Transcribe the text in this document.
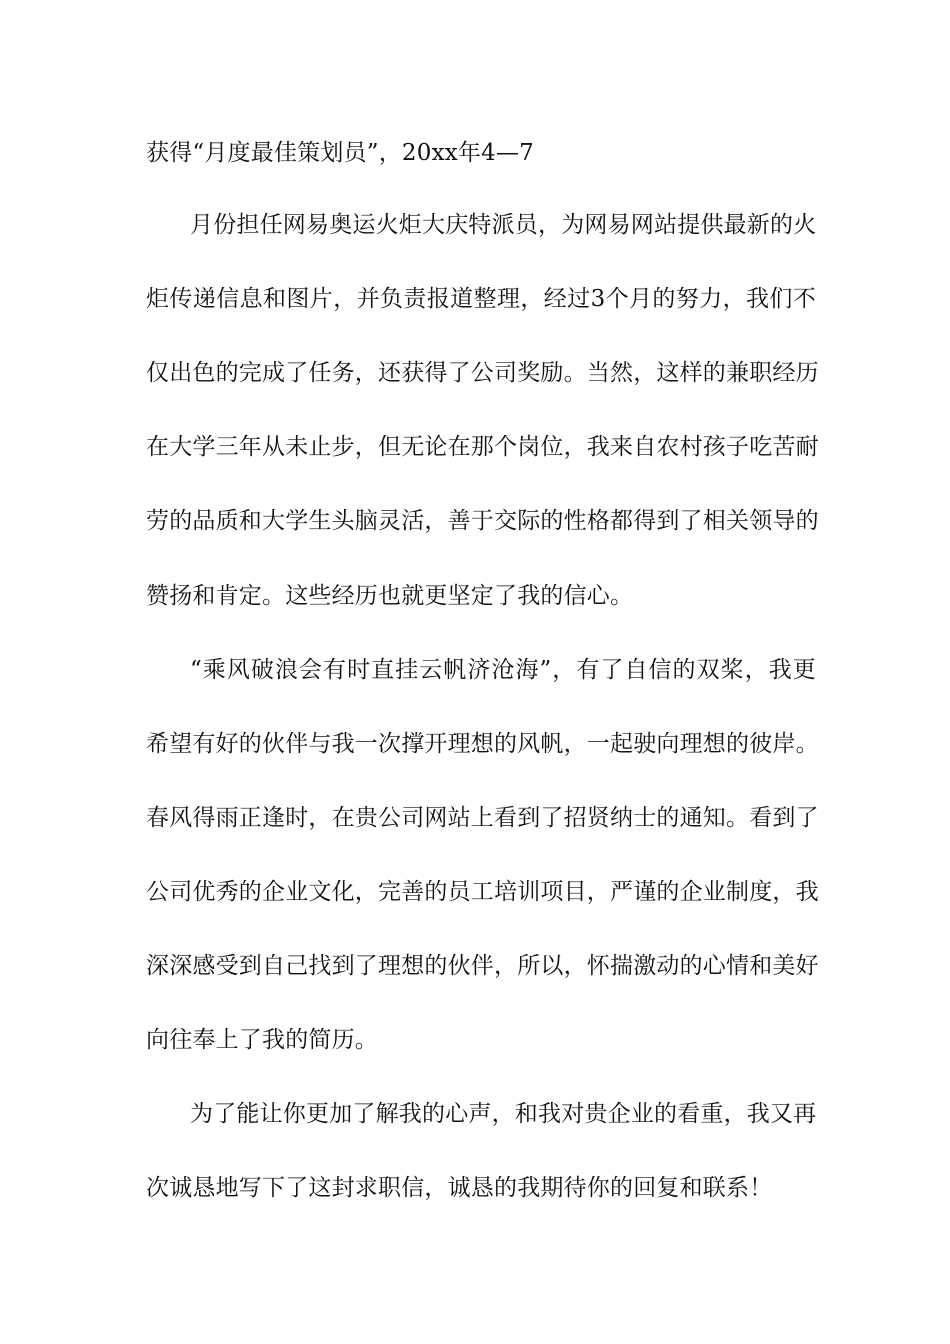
获得“月度最佳策划员”，20xx年4—7
月份担任网易奥运火炬大庆特派员，为网易网站提供最新的火
炬传递信息和图片，并负责报道整理，经过3个月的努力，我们不
仅出色的完成了任务，还获得了公司奖励。当然，这样的兼职经历
在大学三年从未止步，但无论在那个岗位，我来自农村孩子吃苦耐
劳的品质和大学生头脑灵活，善于交际的性格都得到了相关领导的
赞扬和肯定。这些经历也就更坚定了我的信心。
“乘风破浪会有时直挂云帆济沧海”，有了自信的双桨，我更
希望有好的伙伴与我一次撑开理想的风帆，一起驶向理想的彼岸。
春风得雨正逢时，在贵公司网站上看到了招贤纳士的通知。看到了
公司优秀的企业文化，完善的员工培训项目，严谨的企业制度，我
深深感受到自己找到了理想的伙伴，所以，怀揣激动的心情和美好
向往奉上了我的简历。
为了能让你更加了解我的心声，和我对贵企业的看重，我又再
次诚恳地写下了这封求职信，诚恳的我期待你的回复和联系！
